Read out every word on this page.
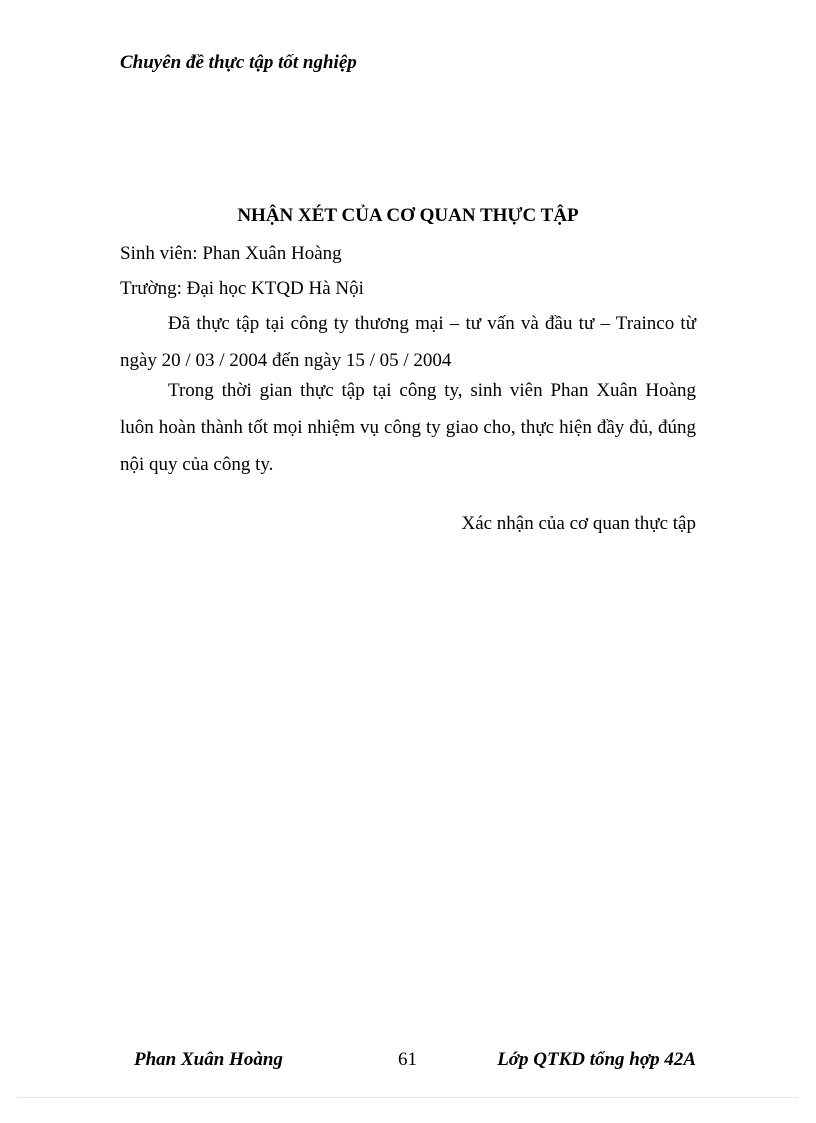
Chuyên đề thực tập tốt nghiệp
NHẬN XÉT CỦA CƠ QUAN THỰC TẬP
Sinh viên: Phan Xuân Hoàng
Trường: Đại học KTQD Hà Nội
Đã thực tập tại công ty thương mại – tư vấn và đầu tư – Trainco từ ngày 20 / 03 / 2004 đến ngày 15 / 05 / 2004
Trong thời gian thực tập tại công ty, sinh viên Phan Xuân Hoàng luôn hoàn thành tốt mọi nhiệm vụ công ty giao cho, thực hiện đầy đủ, đúng nội quy của công ty.
Xác nhận của cơ quan thực tập
Phan Xuân Hoàng	61	Lớp QTKD tổng hợp 42A
